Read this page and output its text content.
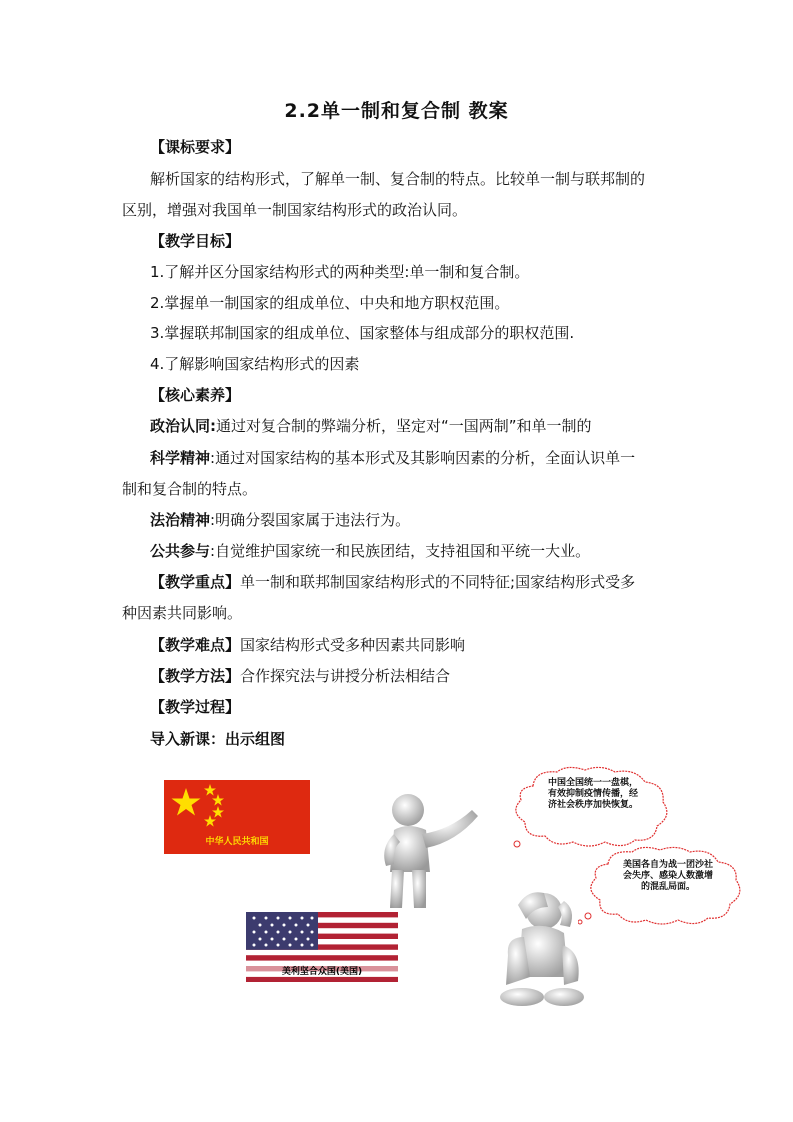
2.2单一制和复合制 教案
【课标要求】
解析国家的结构形式，了解单一制、复合制的特点。比较单一制与联邦制的
区别，增强对我国单一制国家结构形式的政治认同。
【教学目标】
1.了解并区分国家结构形式的两种类型:单一制和复合制。
2.掌握单一制国家的组成单位、中央和地方职权范围。
3.掌握联邦制国家的组成单位、国家整体与组成部分的职权范围.
4.了解影响国家结构形式的因素
【核心素养】
政治认同:通过对复合制的弊端分析，坚定对“一国两制”和单一制的
科学精神:通过对国家结构的基本形式及其影响因素的分析，全面认识单一
制和复合制的特点。
法治精神:明确分裂国家属于违法行为。
公共参与:自觉维护国家统一和民族团结，支持祖国和平统一大业。
【教学重点】单一制和联邦制国家结构形式的不同特征;国家结构形式受多
种因素共同影响。
【教学难点】国家结构形式受多种因素共同影响
【教学方法】合作探究法与讲授分析法相结合
【教学过程】
导入新课：出示组图
中华人民共和国
中国全国统一一盘棋，有效抑制疫情传播，经济社会秩序加快恢复。
美利坚合众国(美国)
美国各自为战一团沙社会失序、感染人数激增的混乱局面。
